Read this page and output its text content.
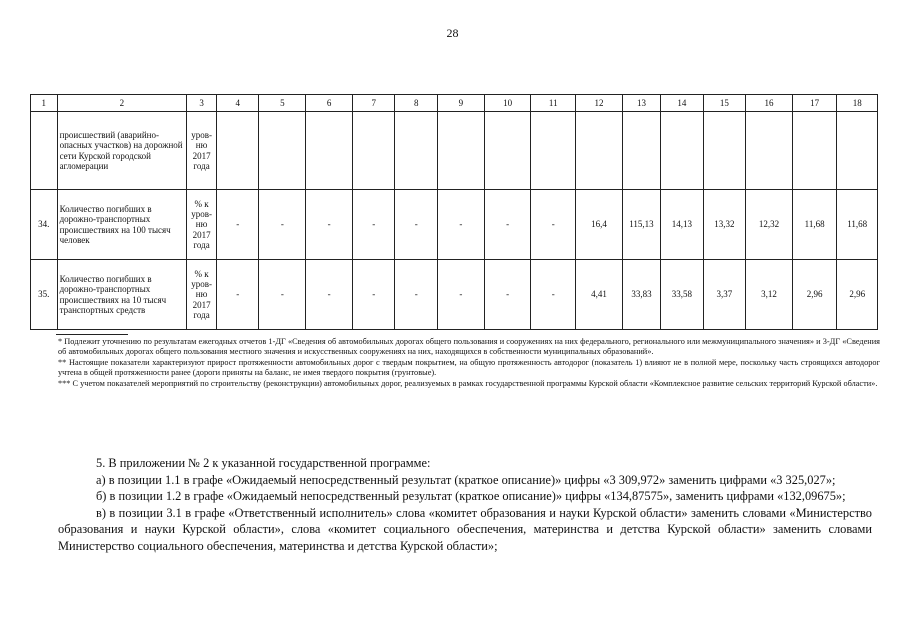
28
1	2	3	4	5	6	7	8	9	10	11	12	13	14	15	16	17	18
	происшествий (аварийно- опасных участков) на дорожной сети Курской городской агломерации	уров-ню 2017 года															
34.	Количество погибших в дорожно-транспортных происшествиях на 100 тысяч человек	% к уров-ню 2017 года	-	-	-	-	-	-	-	-	16,4	115,13	14,13	13,32	12,32	11,68	11,68
35.	Количество погибших в дорожно-транспортных происшествиях на 10 тысяч транспортных средств	% к уров-ню 2017 года	-	-	-	-	-	-	-	-	4,41	33,83	33,58	3,37	3,12	2,96	2,96

* Подлежит уточнению по результатам ежегодных отчетов 1-ДГ «Сведения об автомобильных дорогах общего пользования и сооружениях на них федерального, регионального или межмуниципального значения» и 3-ДГ «Сведения об автомобильных дорогах общего пользования местного значения и искусственных сооружениях на них, находящихся в собственности муниципальных образований».

** Настоящие показатели характеризуют прирост протяженности автомобильных дорог с твердым покрытием, на общую протяженность автодорог (показатель 1) влияют не в полной мере, поскольку часть строящихся автодорог учтена в общей протяженности ранее (дороги приняты на баланс, не имея твердого покрытия (грунтовые).

*** С учетом показателей мероприятий по строительству (реконструкции) автомобильных дорог, реализуемых в рамках государственной программы Курской области «Комплексное развитие сельских территорий Курской области».

5. В приложении № 2 к указанной государственной программе:

а) в позиции 1.1 в графе «Ожидаемый непосредственный результат (краткое описание)» цифры «3 309,972» заменить цифрами «3 325,027»;

б) в позиции 1.2 в графе «Ожидаемый непосредственный результат (краткое описание)» цифры «134,87575», заменить цифрами «132,09675»;

в) в позиции 3.1 в графе «Ответственный исполнитель» слова «комитет образования и науки Курской области» заменить словами «Министерство образования и науки Курской области», слова «комитет социального обеспечения, материнства и детства Курской области» заменить словами Министерство социального обеспечения, материнства и детства Курской области»;
